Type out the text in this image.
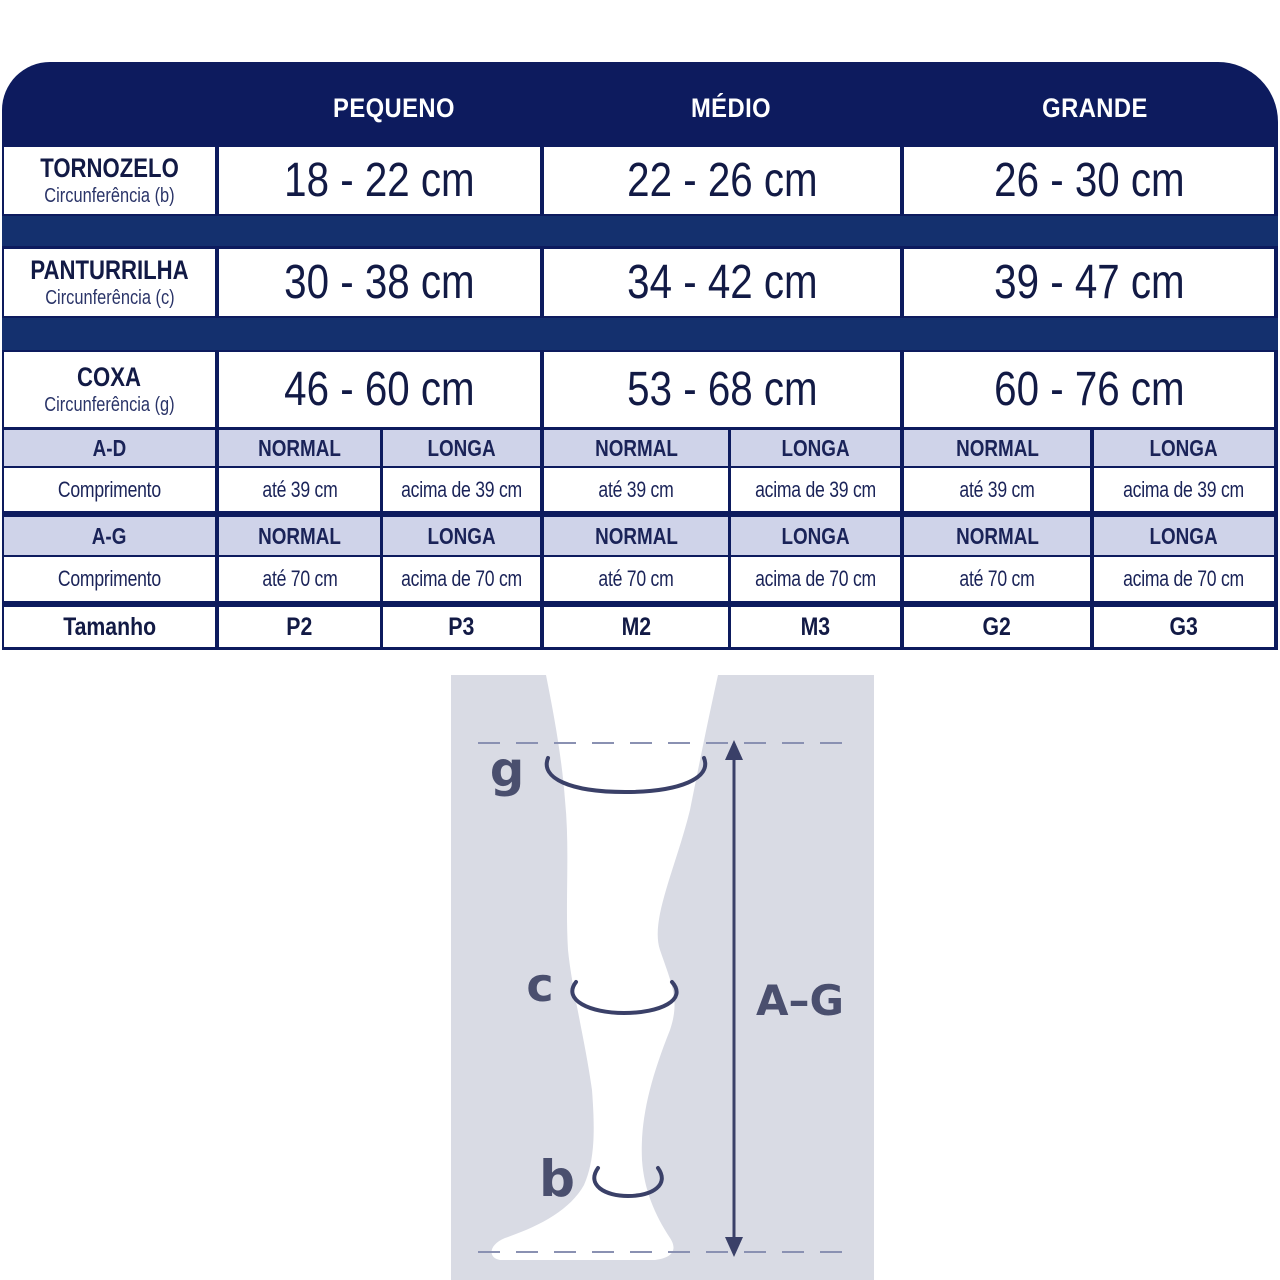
PEQUENO	MÉDIO	GRANDE
TORNOZELO
Circunferência (b) 18 - 22 cm	22 - 26 cm	26 - 30 cm
PANTURRILHA
Circunferência (c) 30 - 38 cm	34 - 42 cm	39 - 47 cm
COXA
Circunferência (g) 46 - 60 cm	53 - 68 cm	60 - 76 cm
A-D
Comprimento
NORMAL	LONGA	NORMAL	LONGA	NORMAL	LONGA
até 39 cm	acima de 39 cm	até 39 cm	acima de 39 cm	até 39 cm	acima de 39 cm
A-G
Comprimento
NORMAL	LONGA	NORMAL	LONGA	NORMAL	LONGA
até 70 cm	acima de 70 cm	até 70 cm	acima de 70 cm	até 70 cm	acima de 70 cm
Tamanho	P2	P3	M2	M3	G2	G3
g
c
b
A–G
